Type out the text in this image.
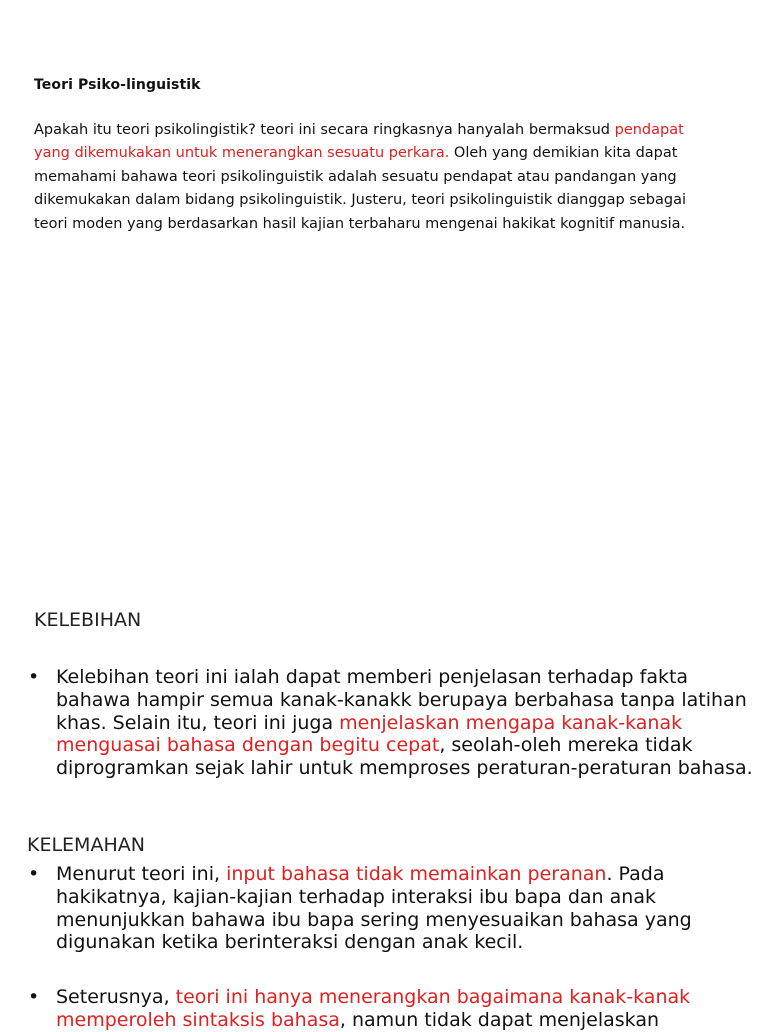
Teori Psiko-linguistik
Apakah itu teori psikolingistik? teori ini secara ringkasnya hanyalah bermaksud pendapat yang dikemukakan untuk menerangkan sesuatu perkara. Oleh yang demikian kita dapat memahami bahawa teori psikolinguistik adalah sesuatu pendapat atau pandangan yang dikemukakan dalam bidang psikolinguistik. Justeru, teori psikolinguistik dianggap sebagai teori moden yang berdasarkan hasil kajian terbaharu mengenai hakikat kognitif manusia.
KELEBIHAN
• Kelebihan teori ini ialah dapat memberi penjelasan terhadap fakta bahawa hampir semua kanak-kanakk berupaya berbahasa tanpa latihan khas. Selain itu, teori ini juga menjelaskan mengapa kanak-kanak menguasai bahasa dengan begitu cepat, seolah-oleh mereka tidak diprogramkan sejak lahir untuk memproses peraturan-peraturan bahasa.
KELEMAHAN
• Menurut teori ini, input bahasa tidak memainkan peranan. Pada hakikatnya, kajian-kajian terhadap interaksi ibu bapa dan anak menunjukkan bahawa ibu bapa sering menyesuaikan bahasa yang digunakan ketika berinteraksi dengan anak kecil.
• Seterusnya, teori ini hanya menerangkan bagaimana kanak-kanak memperoleh sintaksis bahasa, namun tidak dapat menjelaskan
